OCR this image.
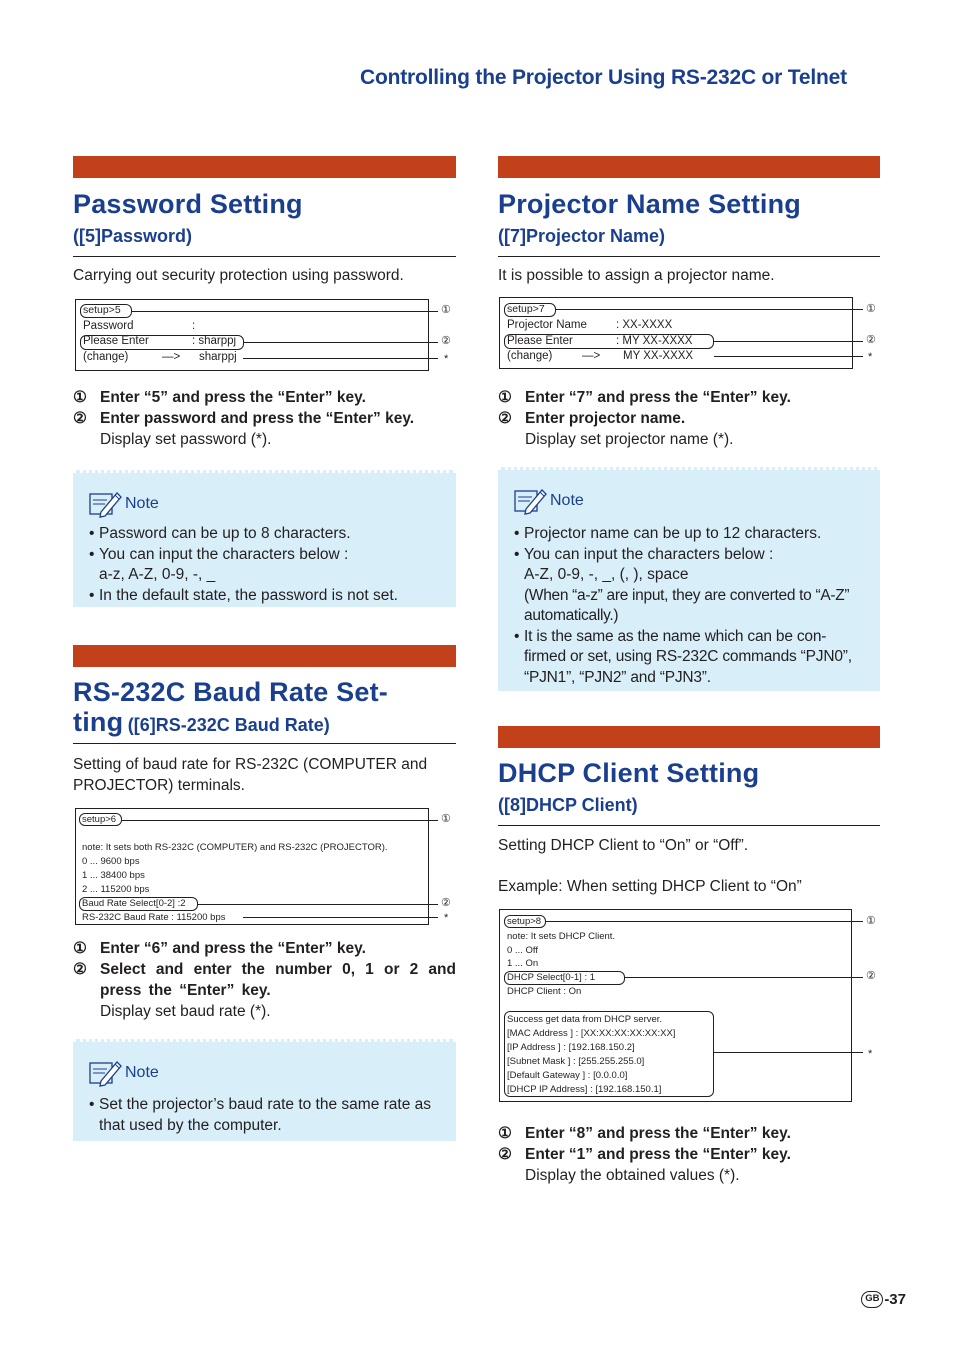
Controlling the Projector Using RS-232C or Telnet
Password Setting
([5]Password)
Carrying out security protection using password.
setup>5
Password	:
Please Enter	: sharppj
(change)	—> sharppj
①
②
*
① Enter “5” and press the “Enter” key.
② Enter password and press the “Enter” key.
Display set password (*).
Note
• Password can be up to 8 characters.
• You can input the characters below :
a-z, A-Z, 0-9, -, _
• In the default state, the password is not set.
RS-232C Baud Rate Set-
ting ([6]RS-232C Baud Rate)
Setting of baud rate for RS-232C (COMPUTER and PROJECTOR) terminals.
setup>6
note: It sets both RS-232C (COMPUTER) and RS-232C (PROJECTOR).
0 ... 9600 bps
1 ... 38400 bps
2 ... 115200 bps
Baud Rate Select[0-2] :2
RS-232C Baud Rate : 115200 bps
①
②
*
① Enter “6” and press the “Enter” key.
② Select and enter the number 0, 1 or 2 and press the “Enter” key.
Display set baud rate (*).
Note
• Set the projector’s baud rate to the same rate as that used by the computer.
Projector Name Setting
([7]Projector Name)
It is possible to assign a projector name.
setup>7
Projector Name	: XX-XXXX
Please Enter	: MY XX-XXXX
(change)	—> MY XX-XXXX
①
②
*
① Enter “7” and press the “Enter” key.
② Enter projector name.
Display set projector name (*).
Note
• Projector name can be up to 12 characters.
• You can input the characters below :
A-Z, 0-9, -, _, (, ), space
(When “a-z” are input, they are converted to “A-Z” automatically.)
• It is the same as the name which can be con- firmed or set, using RS-232C commands “PJN0”, “PJN1”, “PJN2” and “PJN3”.
DHCP Client Setting
([8]DHCP Client)
Setting DHCP Client to “On” or “Off”.
Example: When setting DHCP Client to “On”
setup>8
note: It sets DHCP Client.
0 ... Off
1 ... On
DHCP Select[0-1] : 1
DHCP Client : On
Success get data from DHCP server.
[MAC Address ] : [XX:XX:XX:XX:XX:XX]
[IP Address ] : [192.168.150.2]
[Subnet Mask ] : [255.255.255.0]
[Default Gateway ] : [0.0.0.0]
[DHCP IP Address] : [192.168.150.1]
①
②
*
① Enter “8” and press the “Enter” key.
② Enter “1” and press the “Enter” key.
Display the obtained values (*).
GB -37
